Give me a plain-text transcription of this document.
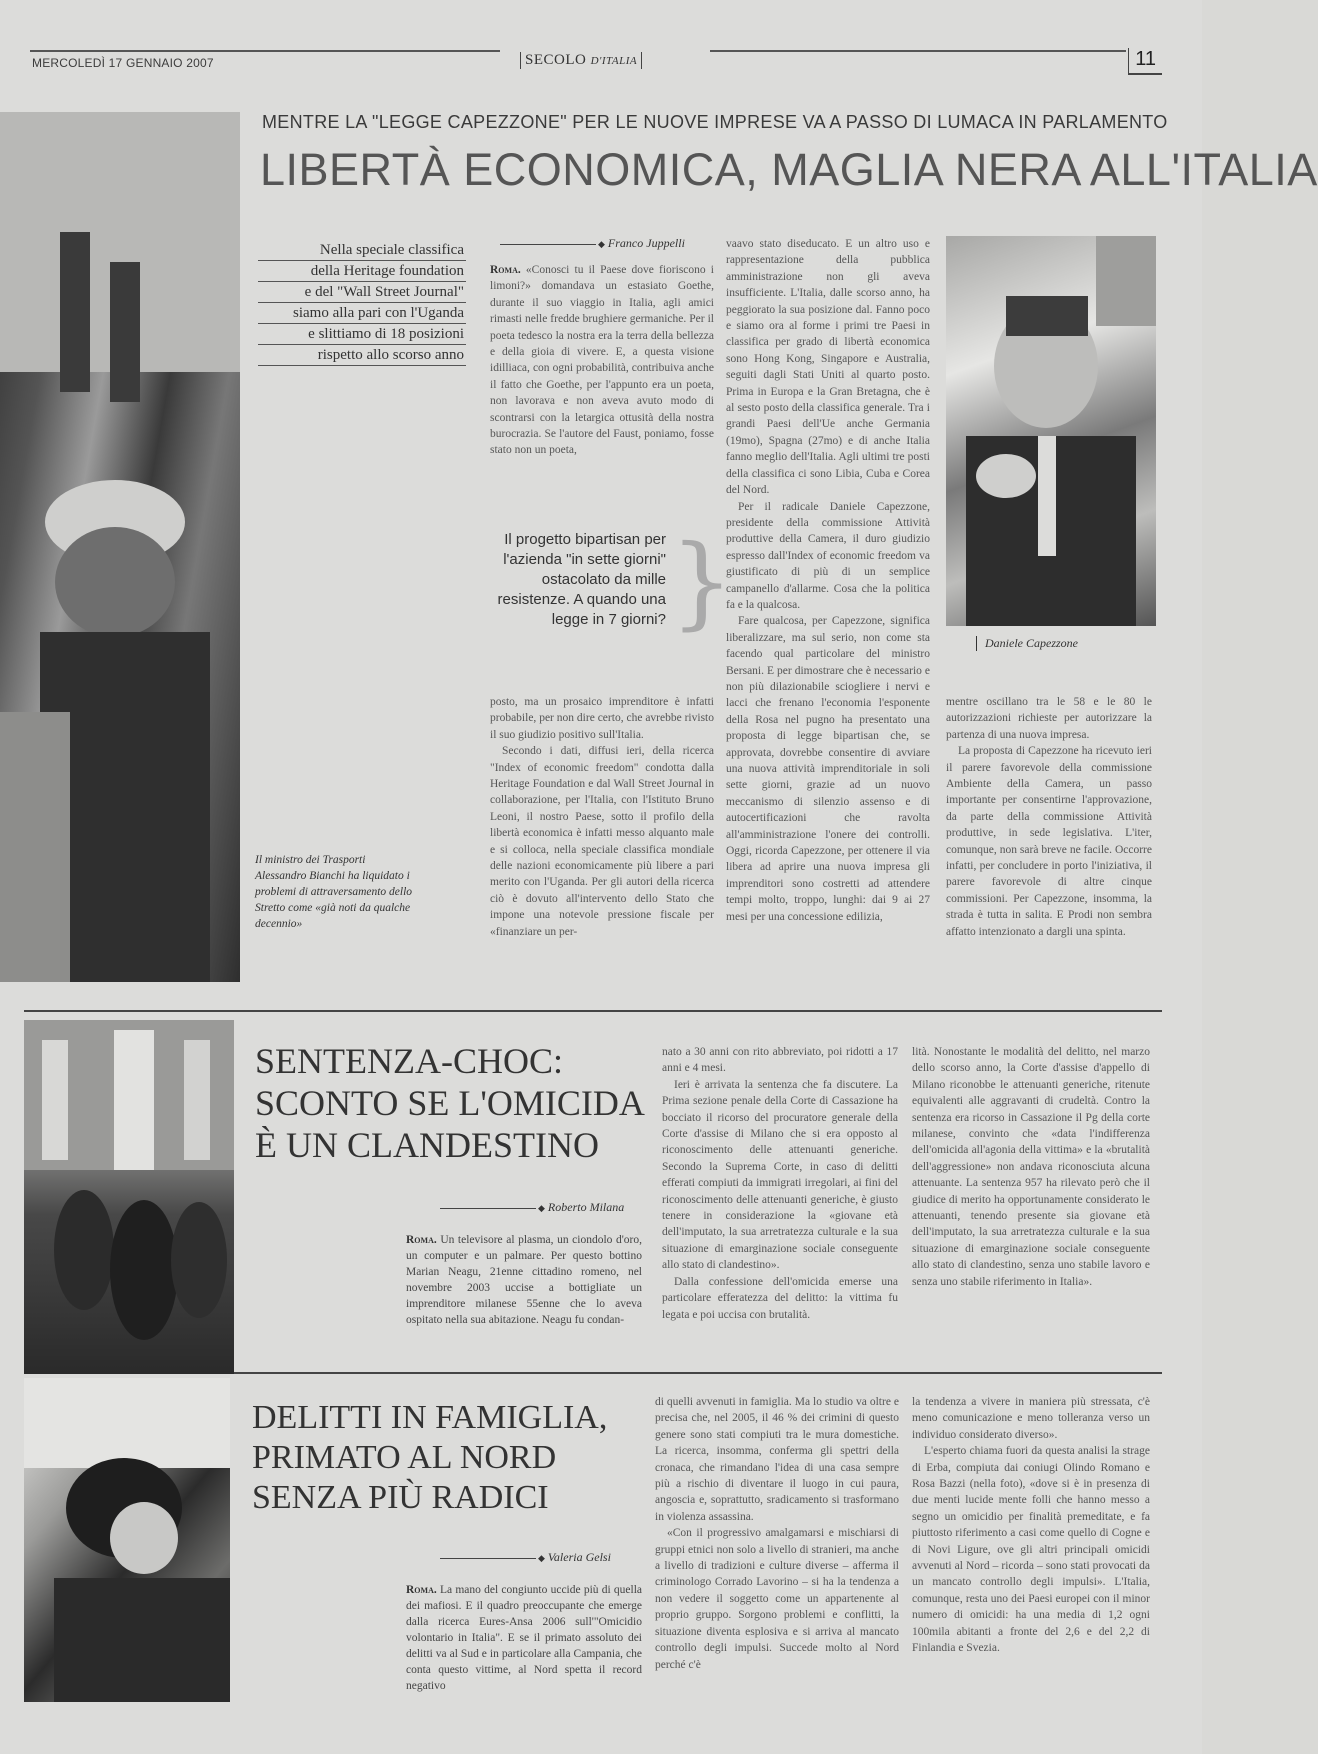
MERCOLEDÌ 17 GENNAIO 2007	SECOLO D'ITALIA	11
Il ministro dei Trasporti Alessandro Bianchi ha liquidato i problemi di attraversamento dello Stretto come «già noti da qualche decennio»
MENTRE LA "LEGGE CAPEZZONE" PER LE NUOVE IMPRESE VA A PASSO DI LUMACA IN PARLAMENTO
LIBERTÀ ECONOMICA, MAGLIA NERA ALL'ITALIA
Nella speciale classifica
della Heritage foundation
e del "Wall Street Journal"
siamo alla pari con l'Uganda
e slittiamo di 18 posizioni
rispetto allo scorso anno
◆ Franco Juppelli

Roma. «Conosci tu il Paese dove fioriscono i limoni?» domandava un estasiato Goethe, durante il suo viaggio in Italia, agli amici rimasti nelle fredde brughiere germaniche. Per il poeta tedesco la nostra era la terra della bellezza e della gioia di vivere. E, a questa visione idilliaca, con ogni probabilità, contribuiva anche il fatto che Goethe, per l'appunto era un poeta, non lavorava e non aveva avuto modo di scontrarsi con la letargica ottusità della nostra burocrazia. Se l'autore del Faust, poniamo, fosse stato non un poeta,

vaavo stato diseducato. E un altro uso e rappresentazione della pubblica amministrazione non gli aveva insufficiente. L'Italia, dalle scorso anno, ha peggiorato la sua posizione dal. Fanno poco e siamo ora al forme i primi tre Paesi in classifica per grado di libertà economica sono Hong Kong, Singapore e Australia, seguiti dagli Stati Uniti al quarto posto. Prima in Europa e la Gran Bretagna, che è al sesto posto della classifica generale. Tra i grandi Paesi dell'Ue anche Germania (19mo), Spagna (27mo) e di anche Italia fanno meglio dell'Italia. Agli ultimi tre posti della classifica ci sono Libia, Cuba e Corea del Nord.

Per il radicale Daniele Capezzone, presidente della commissione Attività produttive della Camera, il duro giudizio espresso dall'Index of economic freedom va giustificato di più di un semplice campanello d'allarme. Cosa che la politica fa e la qualcosa.

Fare qualcosa, per Capezzone, significa liberalizzare, ma sul serio, non come sta facendo qual particolare del ministro Bersani. E per dimostrare che è necessario e non più dilazionabile sciogliere i nervi e lacci che frenano l'economia l'esponente della Rosa nel pugno ha presentato una proposta di legge bipartisan che, se approvata, dovrebbe consentire di avviare una nuova attività imprenditoriale in soli sette giorni, grazie ad un nuovo meccanismo di silenzio assenso e di autocertificazioni che ravolta all'amministrazione l'onere dei controlli. Oggi, ricorda Capezzone, per ottenere il via libera ad aprire una nuova impresa gli imprenditori sono costretti ad attendere tempi molto, troppo, lunghi: dai 9 ai 27 mesi per una concessione edilizia,

Daniele Capezzone
Il progetto bipartisan per l'azienda "in sette giorni" ostacolato da mille resistenze. A quando una legge in 7 giorni? }

posto, ma un prosaico imprenditore è infatti probabile, per non dire certo, che avrebbe rivisto il suo giudizio positivo sull'Italia.

Secondo i dati, diffusi ieri, della ricerca "Index of economic freedom" condotta dalla Heritage Foundation e dal Wall Street Journal in collaborazione, per l'Italia, con l'Istituto Bruno Leoni, il nostro Paese, sotto il profilo della libertà economica è infatti messo alquanto male e si colloca, nella speciale classifica mondiale delle nazioni economicamente più libere a pari merito con l'Uganda. Per gli autori della ricerca ciò è dovuto all'intervento dello Stato che impone una notevole pressione fiscale per «finanziare un per-

mentre oscillano tra le 58 e le 80 le autorizzazioni richieste per autorizzare la partenza di una nuova impresa.

La proposta di Capezzone ha ricevuto ieri il parere favorevole della commissione Ambiente della Camera, un passo importante per consentirne l'approvazione, da parte della commissione Attività produttive, in sede legislativa. L'iter, comunque, non sarà breve ne facile. Occorre infatti, per concludere in porto l'iniziativa, il parere favorevole di altre cinque commissioni. Per Capezzone, insomma, la strada è tutta in salita. E Prodi non sembra affatto intenzionato a dargli una spinta.

SENTENZA-CHOC: SCONTO SE L'OMICIDA È UN CLANDESTINO
◆ Roberto Milana
Roma. Un televisore al plasma, un ciondolo d'oro, un computer e un palmare. Per questo bottino Marian Neagu, 21enne cittadino romeno, nel novembre 2003 uccise a bottigliate un imprenditore milanese 55enne che lo aveva ospitato nella sua abitazione. Neagu fu condan-

nato a 30 anni con rito abbreviato, poi ridotti a 17 anni e 4 mesi.

Ieri è arrivata la sentenza che fa discutere. La Prima sezione penale della Corte di Cassazione ha bocciato il ricorso del procuratore generale della Corte d'assise di Milano che si era opposto al riconoscimento delle attenuanti generiche. Secondo la Suprema Corte, in caso di delitti efferati compiuti da immigrati irregolari, ai fini del riconoscimento delle attenuanti generiche, è giusto tenere in considerazione la «giovane età dell'imputato, la sua arretratezza culturale e la sua situazione di emarginazione sociale conseguente allo stato di clandestino».

Dalla confessione dell'omicida emerse una particolare efferatezza del delitto: la vittima fu legata e poi uccisa con brutalità.

lità. Nonostante le modalità del delitto, nel marzo dello scorso anno, la Corte d'assise d'appello di Milano riconobbe le attenuanti generiche, ritenute equivalenti alle aggravanti di crudeltà. Contro la sentenza era ricorso in Cassazione il Pg della corte milanese, convinto che «data l'indifferenza dell'omicida all'agonia della vittima» e la «brutalità dell'aggressione» non andava riconosciuta alcuna attenuante. La sentenza 957 ha rilevato però che il giudice di merito ha opportunamente considerato le attenuanti, tenendo presente sia giovane età dell'imputato, la sua arretratezza culturale e la sua situazione di emarginazione sociale conseguente allo stato di clandestino, senza uno stabile lavoro e senza uno stabile riferimento in Italia».

DELITTI IN FAMIGLIA, PRIMATO AL NORD SENZA PIÙ RADICI
◆ Valeria Gelsi
Roma. La mano del congiunto uccide più di quella dei mafiosi. E il quadro preoccupante che emerge dalla ricerca Eures-Ansa 2006 sull'"Omicidio volontario in Italia". E se il primato assoluto dei delitti va al Sud e in particolare alla Campania, che conta questo vittime, al Nord spetta il record negativo

di quelli avvenuti in famiglia. Ma lo studio va oltre e precisa che, nel 2005, il 46 % dei crimini di questo genere sono stati compiuti tra le mura domestiche. La ricerca, insomma, conferma gli spettri della cronaca, che rimandano l'idea di una casa sempre più a rischio di diventare il luogo in cui paura, angoscia e, soprattutto, sradicamento si trasformano in violenza assassina.

«Con il progressivo amalgamarsi e mischiarsi di gruppi etnici non solo a livello di stranieri, ma anche a livello di tradizioni e culture diverse – afferma il criminologo Corrado Lavorino – si ha la tendenza a non vedere il soggetto come un appartenente al proprio gruppo. Sorgono problemi e conflitti, la situazione diventa esplosiva e si arriva al mancato controllo degli impulsi. Succede molto al Nord perché c'è

la tendenza a vivere in maniera più stressata, c'è meno comunicazione e meno tolleranza verso un individuo considerato diverso».

L'esperto chiama fuori da questa analisi la strage di Erba, compiuta dai coniugi Olindo Romano e Rosa Bazzi (nella foto), «dove si è in presenza di due menti lucide mente folli che hanno messo a segno un omicidio per finalità premeditate, e fa piuttosto riferimento a casi come quello di Cogne e di Novi Ligure, ove gli altri principali omicidi avvenuti al Nord – ricorda – sono stati provocati da un mancato controllo degli impulsi». L'Italia, comunque, resta uno dei Paesi europei con il minor numero di omicidi: ha una media di 1,2 ogni 100mila abitanti a fronte del 2,6 e del 2,2 di Finlandia e Svezia.
